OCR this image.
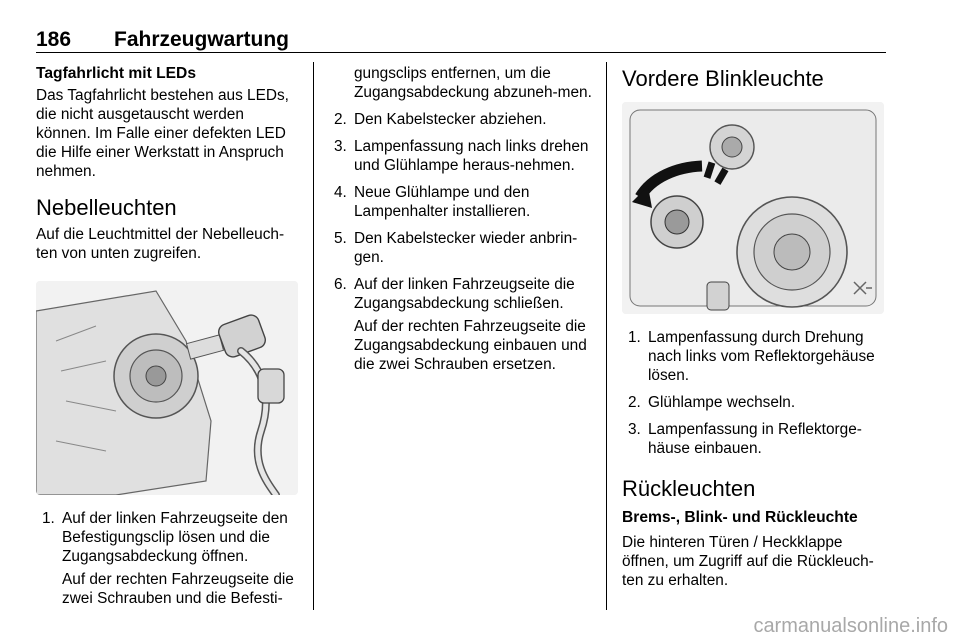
186 Fahrzeugwartung
Tagfahrlicht mit LEDs

Das Tagfahrlicht bestehen aus LEDs, die nicht ausgetauscht werden können. Im Falle einer defekten LED die Hilfe einer Werkstatt in Anspruch nehmen.

Nebelleuchten

Auf die Leuchtmittel der Nebelleuch-ten von unten zugreifen.

1. Auf der linken Fahrzeugseite den Befestigungsclip lösen und die Zugangsabdeckung öffnen.

Auf der rechten Fahrzeugseite die zwei Schrauben und die Befesti-

gungsclips entfernen, um die Zugangsabdeckung abzuneh-men.

2. Den Kabelstecker abziehen.

3. Lampenfassung nach links drehen und Glühlampe heraus-nehmen.

4. Neue Glühlampe und den Lampenhalter installieren.

5. Den Kabelstecker wieder anbrin-gen.

6. Auf der linken Fahrzeugseite die Zugangsabdeckung schließen.

Auf der rechten Fahrzeugseite die Zugangsabdeckung einbauen und die zwei Schrauben ersetzen.

Vordere Blinkleuchte
1. Lampenfassung durch Drehung nach links vom Reflektorgehäuse lösen.

2. Glühlampe wechseln.

3. Lampenfassung in Reflektorge-häuse einbauen.

Rückleuchten
Brems-, Blink- und Rückleuchte

Die hinteren Türen / Heckklappe öffnen, um Zugriff auf die Rückleuch-ten zu erhalten.

carmanualsonline.info
